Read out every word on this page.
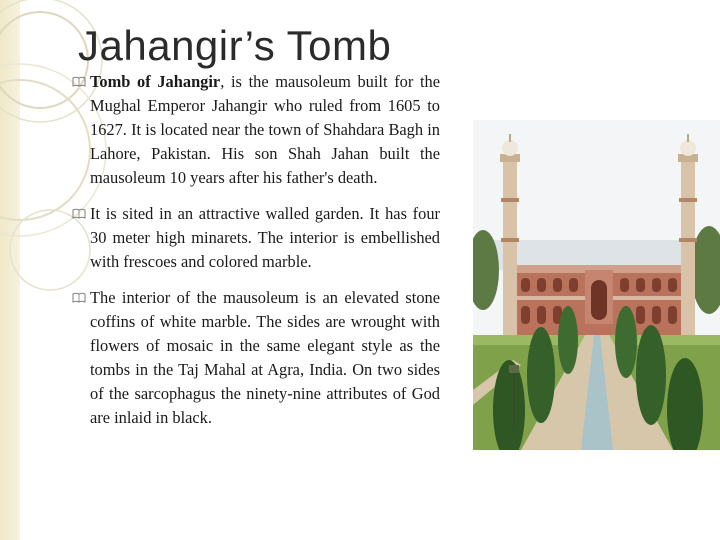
Jahangir’s Tomb
Tomb of Jahangir, is the mausoleum built for the Mughal Emperor Jahangir who ruled from 1605 to 1627. It is located near the town of Shahdara Bagh in Lahore, Pakistan. His son Shah Jahan built the mausoleum 10 years after his father's death.
It is sited in an attractive walled garden. It has four 30 meter high minarets. The interior is embellished with frescoes and colored marble.
The interior of the mausoleum is an elevated stone coffins of white marble. The sides are wrought with flowers of mosaic in the same elegant style as the tombs in the Taj Mahal at Agra, India. On two sides of the sarcophagus the ninety-nine attributes of God are inlaid in black.
